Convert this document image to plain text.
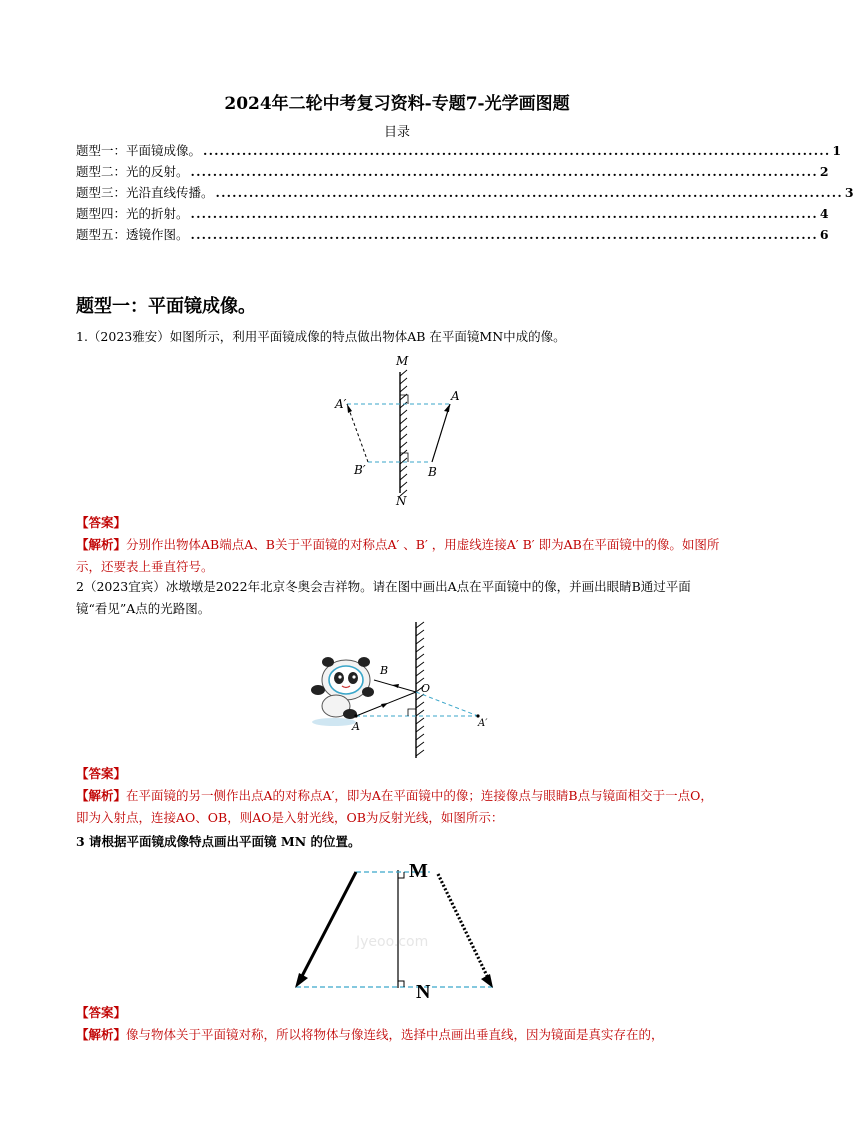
2024年二轮中考复习资料-专题7-光学画图题
目录
题型一：平面镜成像。 ................................................................................................................. 1
题型二：光的反射。 ................................................................................................................. 2
题型三：光沿直线传播。 ................................................................................................................. 3
题型四：光的折射。 ................................................................................................................. 4
题型五：透镜作图。 ................................................................................................................. 6
题型一：平面镜成像。
1.（2023雅安）如图所示，利用平面镜成像的特点做出物体AB 在平面镜MN中成的像。
M
N
A′
A
B′	B
【答案】
【解析】分别作出物体AB端点A、B关于平面镜的对称点A′ 、B′ ，用虚线连接A′ B′ 即为AB在平面镜中的像。如图所示，还要表上垂直符号。
2（2023宜宾）冰墩墩是2022年北京冬奥会吉祥物。请在图中画出A点在平面镜中的像，并画出眼睛B通过平面镜“看见”A点的光路图。
B
O
A	A′
【答案】
【解析】在平面镜的另一侧作出点A的对称点A′，即为A在平面镜中的像；连接像点与眼睛B点与镜面相交于一点O，即为入射点，连接AO、OB，则AO是入射光线，OB为反射光线，如图所示：
3 请根据平面镜成像特点画出平面镜 MN 的位置。
Jyeoo.com
M
N
【答案】
【解析】像与物体关于平面镜对称，所以将物体与像连线，选择中点画出垂直线，因为镜面是真实存在的，
